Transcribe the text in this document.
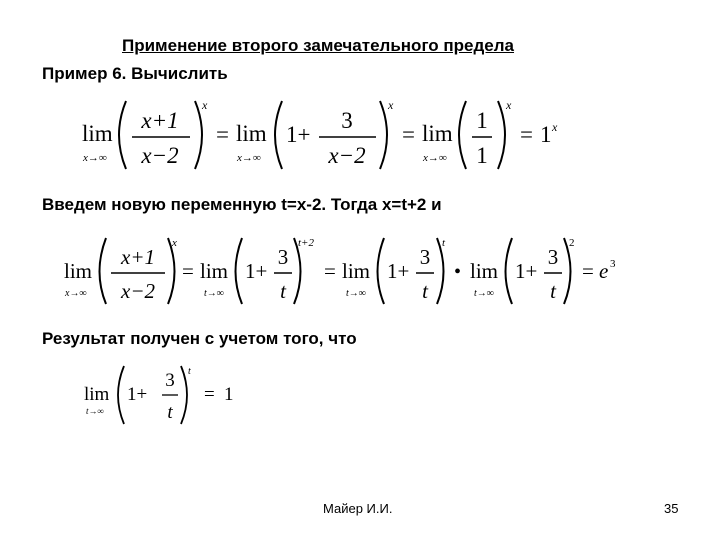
Применение второго замечательного предела
Пример 6. Вычислить
lim
x→∞
x+1
x−2
x
= lim
x→∞
1+
3
x−2
x
= lim
x→∞
1
1
x
= 1 x
Введем новую переменную t=x-2. Тогда x=t+2 и
lim
x→∞
x+1
x−2
x
= lim
t→∞
1+
3
t
t+2
= lim
t→∞
1+
3
t
t
• lim
t→∞
1+
3
t
2
= e 3
Результат получен с учетом того, что
lim
t→∞
1+
3
t
t
= 1
Майер И.И.	35
